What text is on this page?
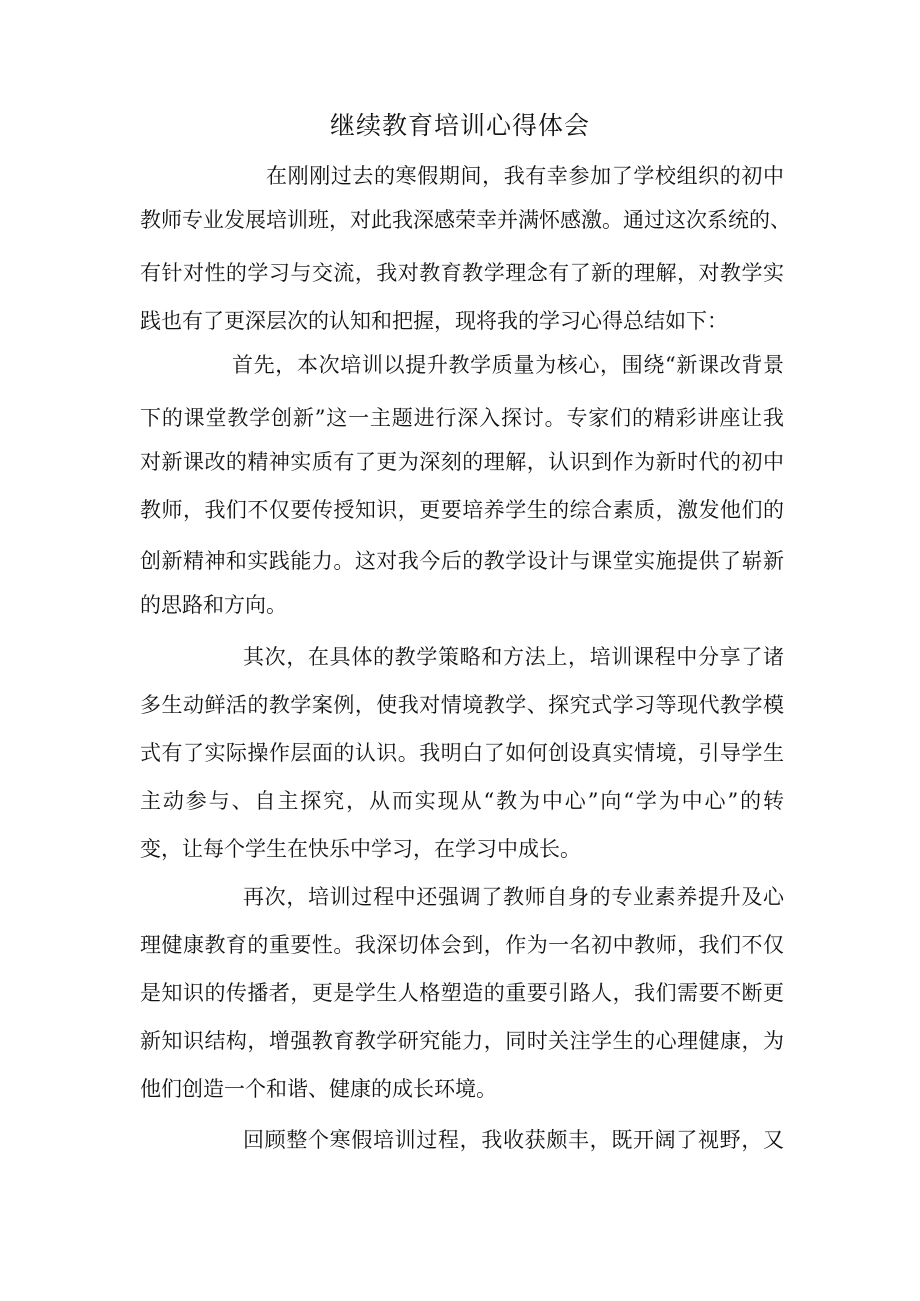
继续教育培训心得体会
在刚刚过去的寒假期间，我有幸参加了学校组织的初中
教师专业发展培训班，对此我深感荣幸并满怀感激。通过这次系统的、
有针对性的学习与交流，我对教育教学理念有了新的理解，对教学实
践也有了更深层次的认知和把握，现将我的学习心得总结如下：
首先，本次培训以提升教学质量为核心，围绕“新课改背景
下的课堂教学创新”这一主题进行深入探讨。专家们的精彩讲座让我
对新课改的精神实质有了更为深刻的理解，认识到作为新时代的初中
教师，我们不仅要传授知识，更要培养学生的综合素质，激发他们的
创新精神和实践能力。这对我今后的教学设计与课堂实施提供了崭新
的思路和方向。
其次，在具体的教学策略和方法上，培训课程中分享了诸
多生动鲜活的教学案例，使我对情境教学、探究式学习等现代教学模
式有了实际操作层面的认识。我明白了如何创设真实情境，引导学生
主动参与、自主探究，从而实现从“教为中心”向“学为中心”的转
变，让每个学生在快乐中学习，在学习中成长。
再次，培训过程中还强调了教师自身的专业素养提升及心
理健康教育的重要性。我深切体会到，作为一名初中教师，我们不仅
是知识的传播者，更是学生人格塑造的重要引路人，我们需要不断更
新知识结构，增强教育教学研究能力，同时关注学生的心理健康，为
他们创造一个和谐、健康的成长环境。
回顾整个寒假培训过程，我收获颇丰，既开阔了视野，又
